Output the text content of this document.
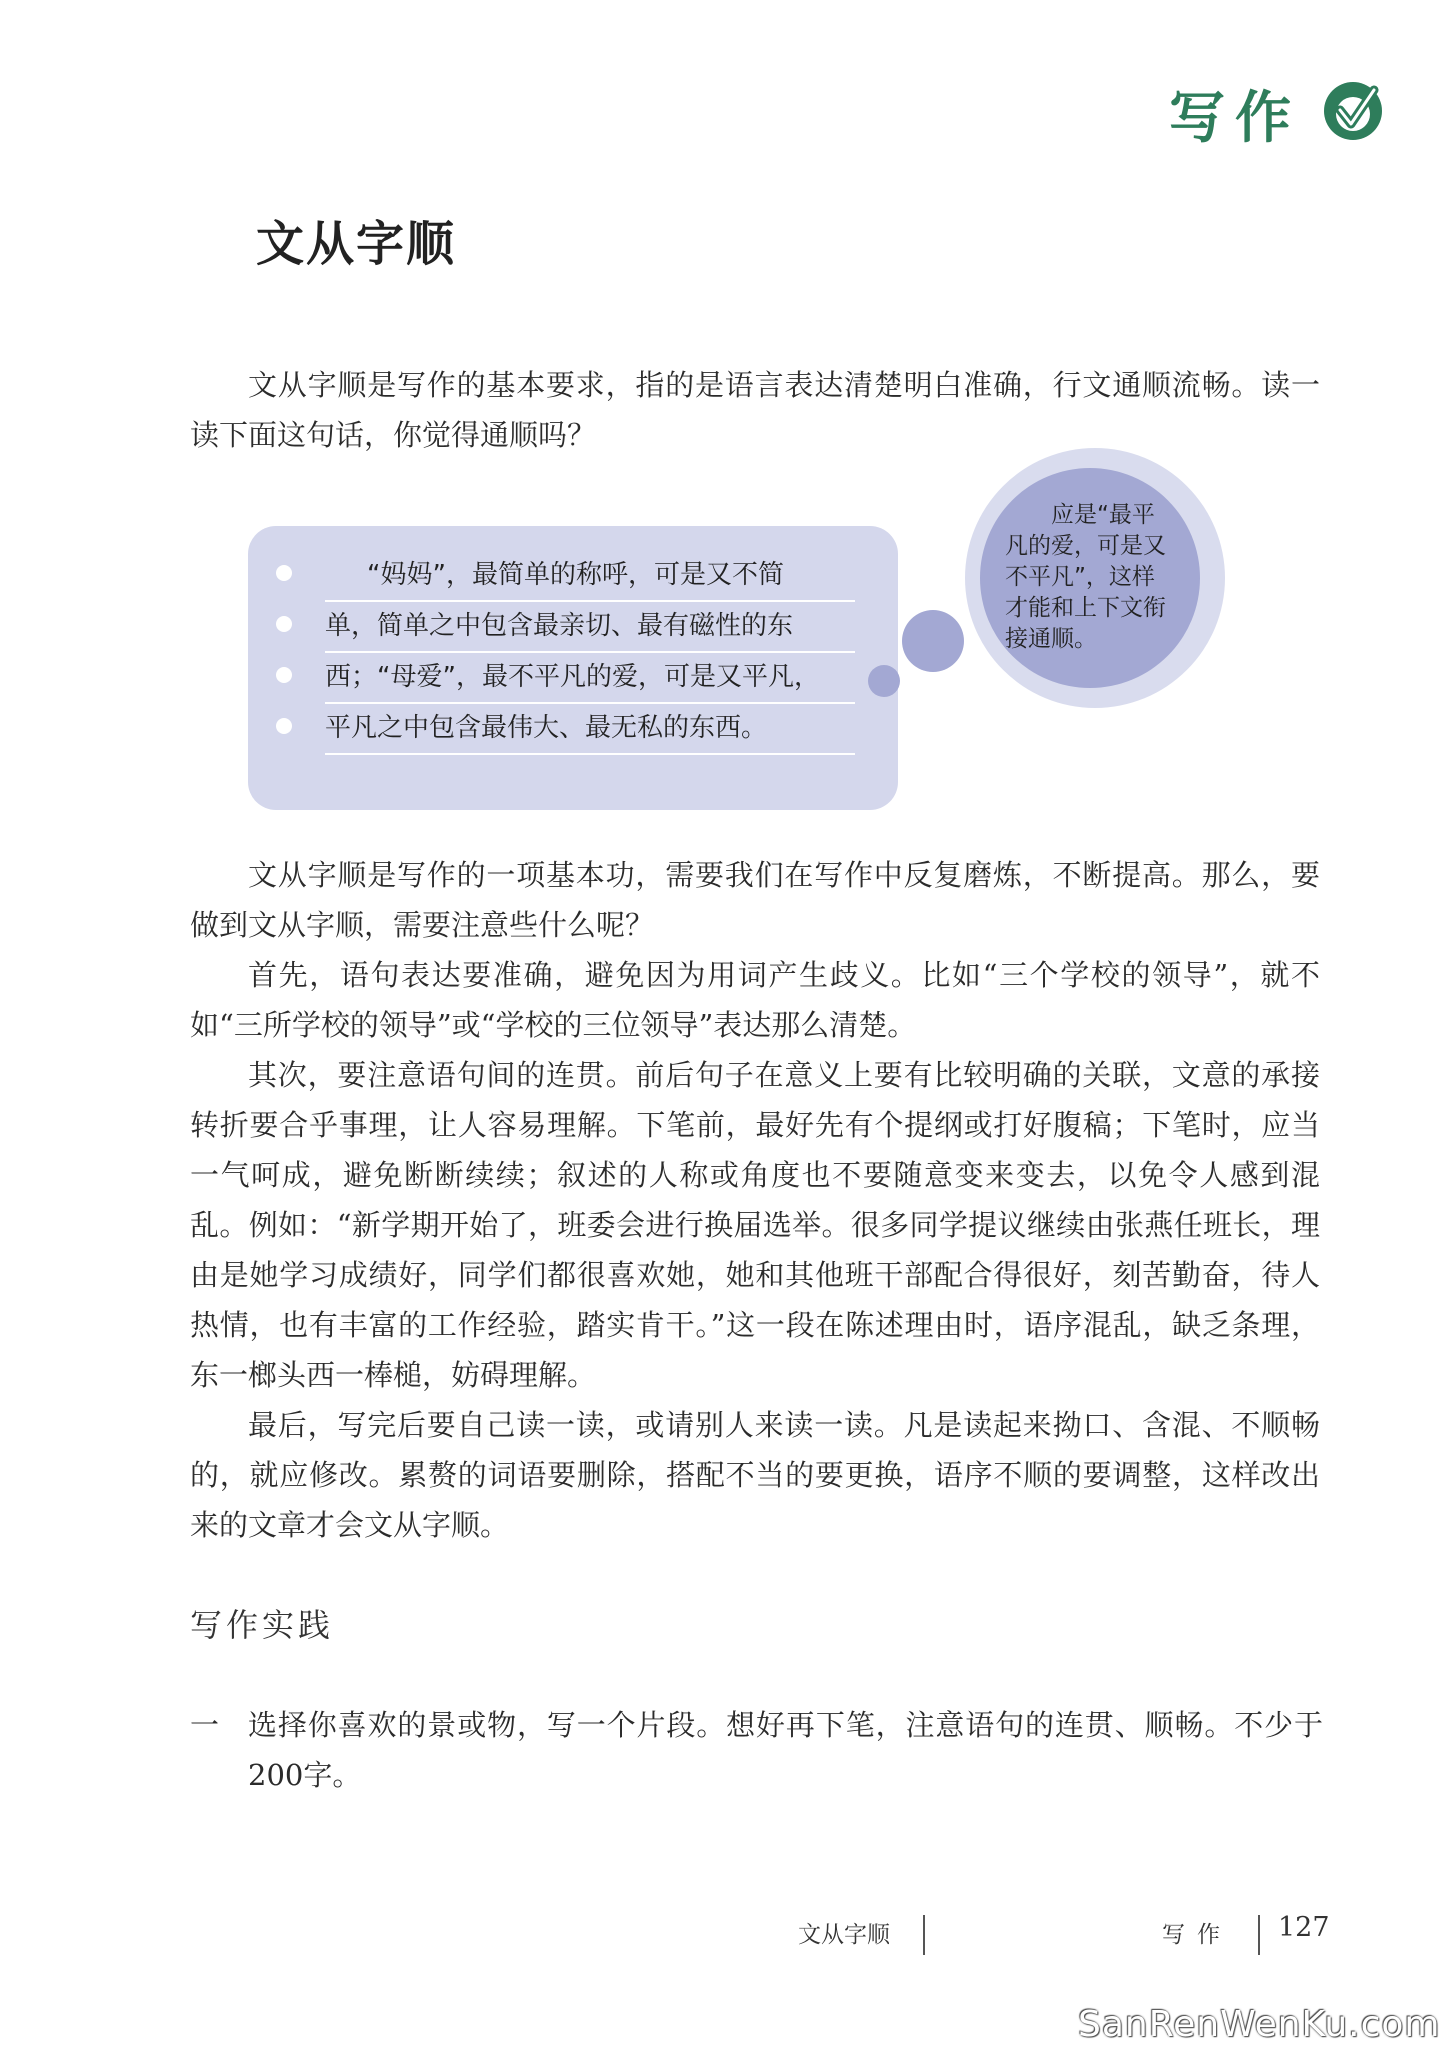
写作
文从字顺

文从字顺是写作的基本要求，指的是语言表达清楚明白准确，行文通顺流畅。读一读下面这句话，你觉得通顺吗？

“妈妈”，最简单的称呼，可是又不简
单，简单之中包含最亲切、最有磁性的东
西；“母爱”，最不平凡的爱，可是又平凡，
平凡之中包含最伟大、最无私的东西。

应是“最平

凡的爱，可是又

不平凡”，这样

才能和上下文衔

接通顺。

文从字顺是写作的一项基本功，需要我们在写作中反复磨炼，不断提高。那么，要做到文从字顺，需要注意些什么呢？

首先，语句表达要准确，避免因为用词产生歧义。比如“三个学校的领导”，就不如“三所学校的领导”或“学校的三位领导”表达那么清楚。

其次，要注意语句间的连贯。前后句子在意义上要有比较明确的关联，文意的承接转折要合乎事理，让人容易理解。下笔前，最好先有个提纲或打好腹稿；下笔时，应当一气呵成，避免断断续续；叙述的人称或角度也不要随意变来变去，以免令人感到混乱。例如：“新学期开始了，班委会进行换届选举。很多同学提议继续由张燕任班长，理由是她学习成绩好，同学们都很喜欢她，她和其他班干部配合得很好，刻苦勤奋，待人热情，也有丰富的工作经验，踏实肯干。”这一段在陈述理由时，语序混乱，缺乏条理，东一榔头西一棒槌，妨碍理解。

最后，写完后要自己读一读，或请别人来读一读。凡是读起来拗口、含混、不顺畅的，就应修改。累赘的词语要删除，搭配不当的要更换，语序不顺的要调整，这样改出来的文章才会文从字顺。

写作实践
一 选择你喜欢的景或物，写一个片段。想好再下笔，注意语句的连贯、顺畅。不少于200字。

文从字顺	写作 127
SanRenWenKu.com
